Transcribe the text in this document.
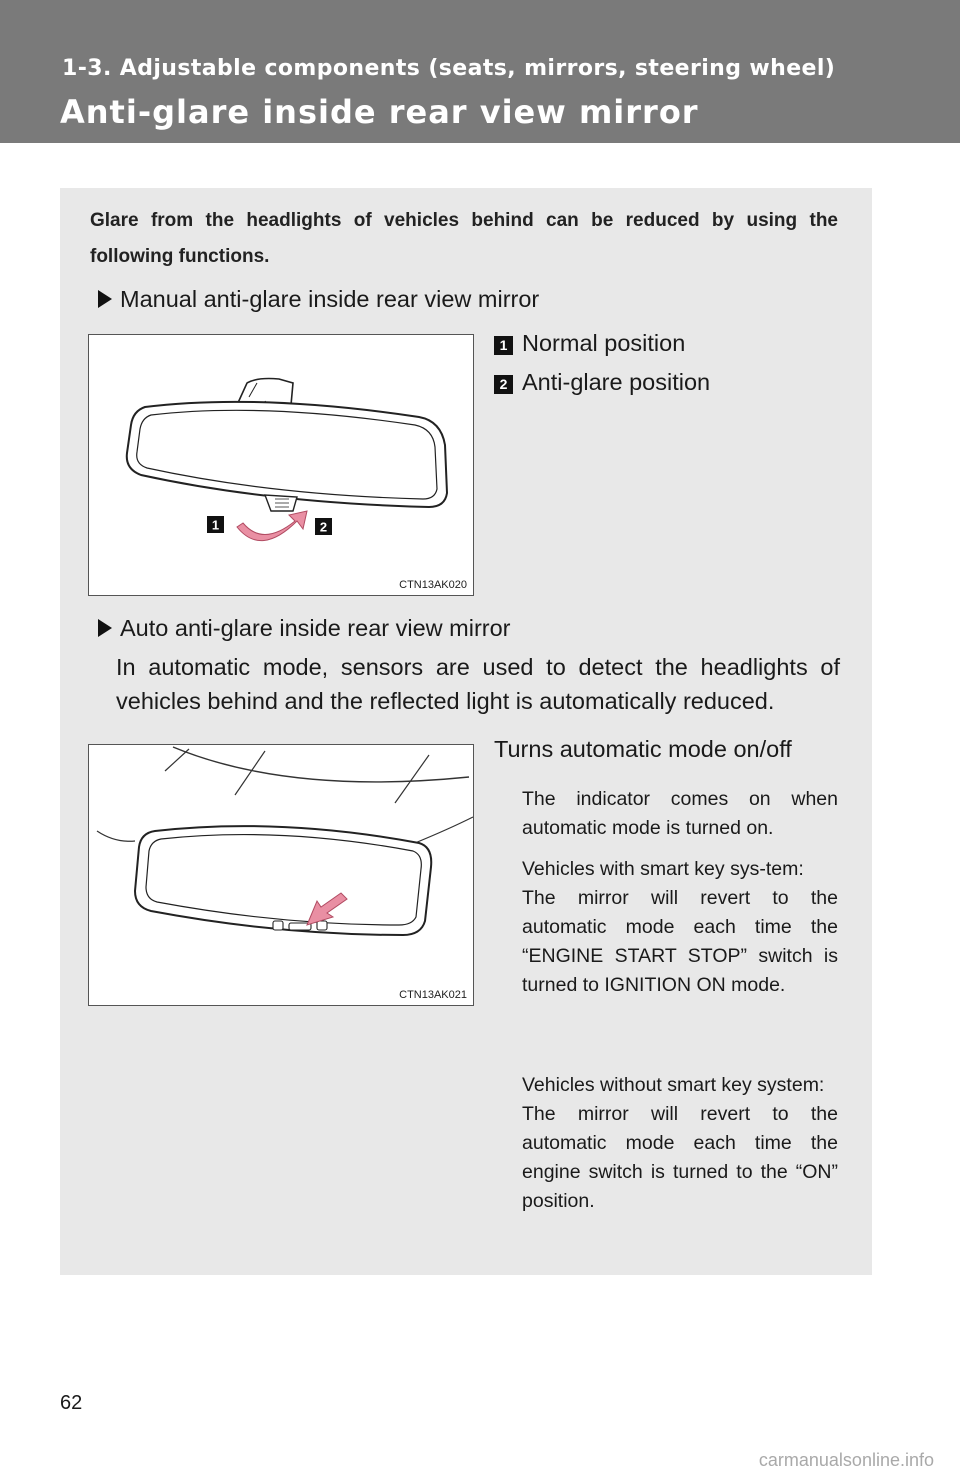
1-3. Adjustable components (seats, mirrors, steering wheel)
Anti-glare inside rear view mirror
Glare from the headlights of vehicles behind can be reduced by using the following functions.
Manual anti-glare inside rear view mirror
1	2
CTN13AK020
1 Normal position
2 Anti-glare position
Auto anti-glare inside rear view mirror
In automatic mode, sensors are used to detect the headlights of vehicles behind and the reflected light is automatically reduced.
CTN13AK021
Turns automatic mode on/off
The indicator comes on when automatic mode is turned on.
Vehicles with smart key sys-tem:
The mirror will revert to the automatic mode each time the “ENGINE START STOP” switch is turned to IGNITION ON mode.
Vehicles without smart key system:
The mirror will revert to the automatic mode each time the engine switch is turned to the “ON” position.
62
carmanualsonline.info
